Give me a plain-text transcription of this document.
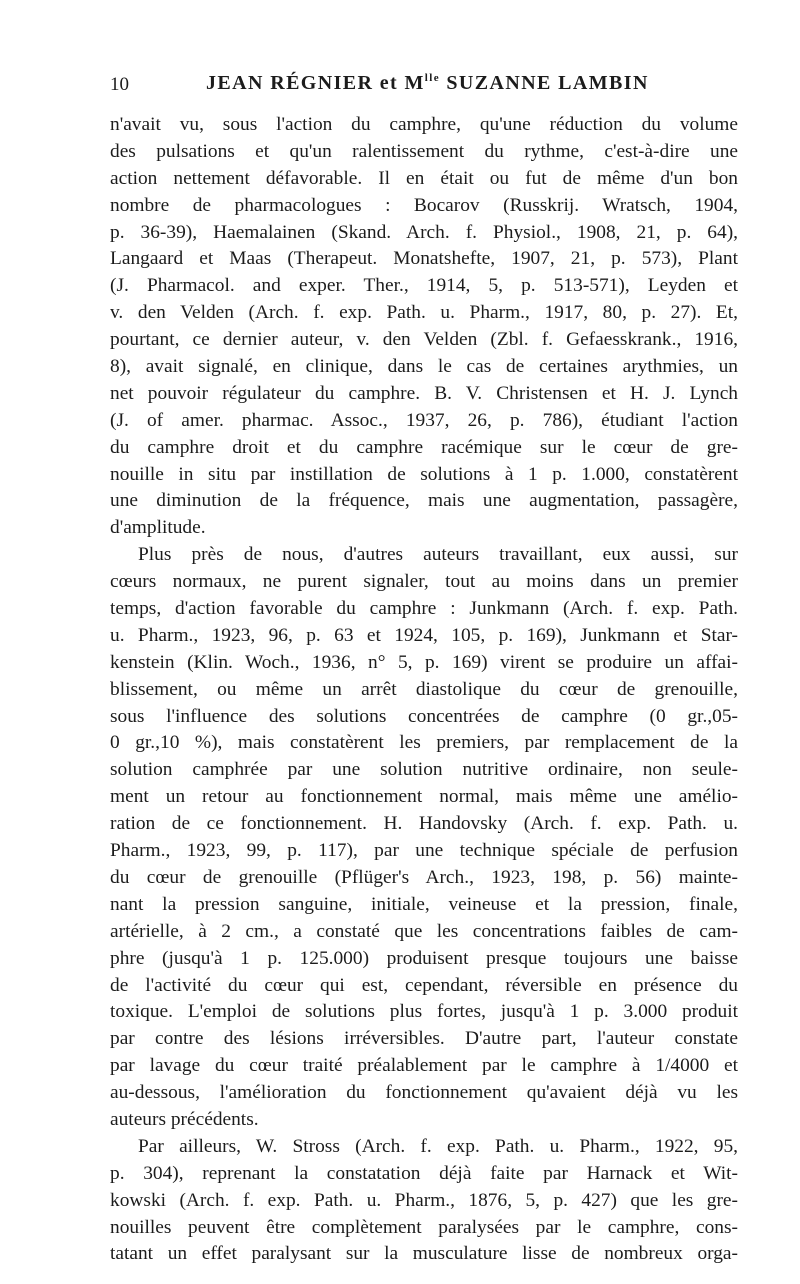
10	JEAN RÉGNIER et $M^{lle}$ SUZANNE LAMBIN
n'avait vu, sous l'action du camphre, qu'une réduction du volume
des pulsations et qu'un ralentissement du rythme, c'est-à-dire une
action nettement défavorable. Il en était ou fut de même d'un bon
nombre de pharmacologues : Bocarov (Russkrij. Wratsch, 1904,
p. 36-39), Haemalainen (Skand. Arch. f. Physiol., 1908, 21, p. 64),
Langaard et Maas (Therapeut. Monatshefte, 1907, 21, p. 573), Plant
(J. Pharmacol. and exper. Ther., 1914, 5, p. 513-571), Leyden et
v. den Velden (Arch. f. exp. Path. u. Pharm., 1917, 80, p. 27). Et,
pourtant, ce dernier auteur, v. den Velden (Zbl. f. Gefaesskrank., 1916,
8), avait signalé, en clinique, dans le cas de certaines arythmies, un
net pouvoir régulateur du camphre. B. V. Christensen et H. J. Lynch
(J. of amer. pharmac. Assoc., 1937, 26, p. 786), étudiant l'action
du camphre droit et du camphre racémique sur le cœur de gre-
nouille in situ par instillation de solutions à 1 p. 1.000, constatèrent
une diminution de la fréquence, mais une augmentation, passagère,
d'amplitude.
Plus près de nous, d'autres auteurs travaillant, eux aussi, sur
cœurs normaux, ne purent signaler, tout au moins dans un premier
temps, d'action favorable du camphre : Junkmann (Arch. f. exp. Path.
u. Pharm., 1923, 96, p. 63 et 1924, 105, p. 169), Junkmann et Star-
kenstein (Klin. Woch., 1936, n° 5, p. 169) virent se produire un affai-
blissement, ou même un arrêt diastolique du cœur de grenouille,
sous l'influence des solutions concentrées de camphre (0 gr.,05-
0 gr.,10 %), mais constatèrent les premiers, par remplacement de la
solution camphrée par une solution nutritive ordinaire, non seule-
ment un retour au fonctionnement normal, mais même une amélio-
ration de ce fonctionnement. H. Handovsky (Arch. f. exp. Path. u.
Pharm., 1923, 99, p. 117), par une technique spéciale de perfusion
du cœur de grenouille (Pflüger's Arch., 1923, 198, p. 56) mainte-
nant la pression sanguine, initiale, veineuse et la pression, finale,
artérielle, à 2 cm., a constaté que les concentrations faibles de cam-
phre (jusqu'à 1 p. 125.000) produisent presque toujours une baisse
de l'activité du cœur qui est, cependant, réversible en présence du
toxique. L'emploi de solutions plus fortes, jusqu'à 1 p. 3.000 produit
par contre des lésions irréversibles. D'autre part, l'auteur constate
par lavage du cœur traité préalablement par le camphre à 1/4000 et
au-dessous, l'amélioration du fonctionnement qu'avaient déjà vu les
auteurs précédents.
Par ailleurs, W. Stross (Arch. f. exp. Path. u. Pharm., 1922, 95,
p. 304), reprenant la constatation déjà faite par Harnack et Wit-
kowski (Arch. f. exp. Path. u. Pharm., 1876, 5, p. 427) que les gre-
nouilles peuvent être complètement paralysées par le camphre, cons-
tatant un effet paralysant sur la musculature lisse de nombreux orga-
